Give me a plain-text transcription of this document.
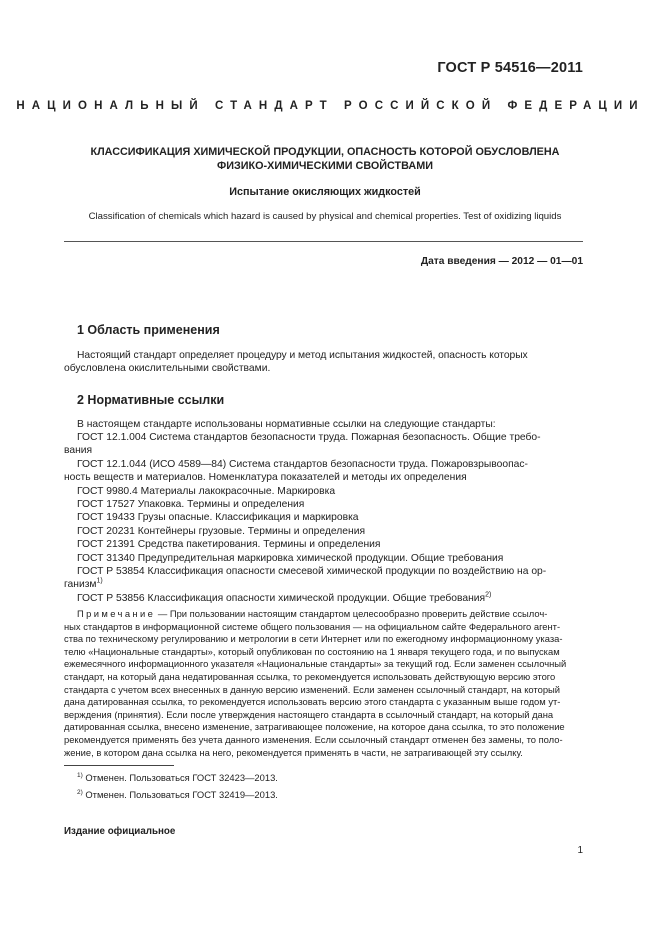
ГОСТ Р 54516—2011
НАЦИОНАЛЬНЫЙ СТАНДАРТ РОССИЙСКОЙ ФЕДЕРАЦИИ
КЛАССИФИКАЦИЯ ХИМИЧЕСКОЙ ПРОДУКЦИИ, ОПАСНОСТЬ КОТОРОЙ ОБУСЛОВЛЕНА
ФИЗИКО-ХИМИЧЕСКИМИ СВОЙСТВАМИ
Испытание окисляющих жидкостей
Classification of chemicals which hazard is caused by physical and chemical properties. Test of oxidizing liquids
Дата введения — 2012 — 01—01
1 Область применения
Настоящий стандарт определяет процедуру и метод испытания жидкостей, опасность которых
обусловлена окислительными свойствами.
2 Нормативные ссылки
В настоящем стандарте использованы нормативные ссылки на следующие стандарты:
ГОСТ 12.1.004 Система стандартов безопасности труда. Пожарная безопасность. Общие требо-
вания
ГОСТ 12.1.044 (ИСО 4589—84) Система стандартов безопасности труда. Пожаровзрывоопас-
ность веществ и материалов. Номенклатура показателей и методы их определения
ГОСТ 9980.4 Материалы лакокрасочные. Маркировка
ГОСТ 17527 Упаковка. Термины и определения
ГОСТ 19433 Грузы опасные. Классификация и маркировка
ГОСТ 20231 Контейнеры грузовые. Термины и определения
ГОСТ 21391 Средства пакетирования. Термины и определения
ГОСТ 31340 Предупредительная маркировка химической продукции. Общие требования
ГОСТ Р 53854 Классификация опасности смесевой химической продукции по воздействию на ор-
ганизм$^{1)}$
ГОСТ Р 53856 Классификация опасности химической продукции. Общие требования$^{2)}$
Примечание — При пользовании настоящим стандартом целесообразно проверить действие ссылоч-
ных стандартов в информационной системе общего пользования — на официальном сайте Федерального агент-
ства по техническому регулированию и метрологии в сети Интернет или по ежегодному информационному указа-
телю «Национальные стандарты», который опубликован по состоянию на 1 января текущего года, и по выпускам
ежемесячного информационного указателя «Национальные стандарты» за текущий год. Если заменен ссылочный
стандарт, на который дана недатированная ссылка, то рекомендуется использовать действующую версию этого
стандарта с учетом всех внесенных в данную версию изменений. Если заменен ссылочный стандарт, на который
дана датированная ссылка, то рекомендуется использовать версию этого стандарта с указанным выше годом ут-
верждения (принятия). Если после утверждения настоящего стандарта в ссылочный стандарт, на который дана
датированная ссылка, внесено изменение, затрагивающее положение, на которое дана ссылка, то это положение
рекомендуется применять без учета данного изменения. Если ссылочный стандарт отменен без замены, то поло-
жение, в котором дана ссылка на него, рекомендуется применять в части, не затрагивающей эту ссылку.
$^{1)}$ Отменен. Пользоваться ГОСТ 32423—2013.
$^{2)}$ Отменен. Пользоваться ГОСТ 32419—2013.
Издание официальное
1
